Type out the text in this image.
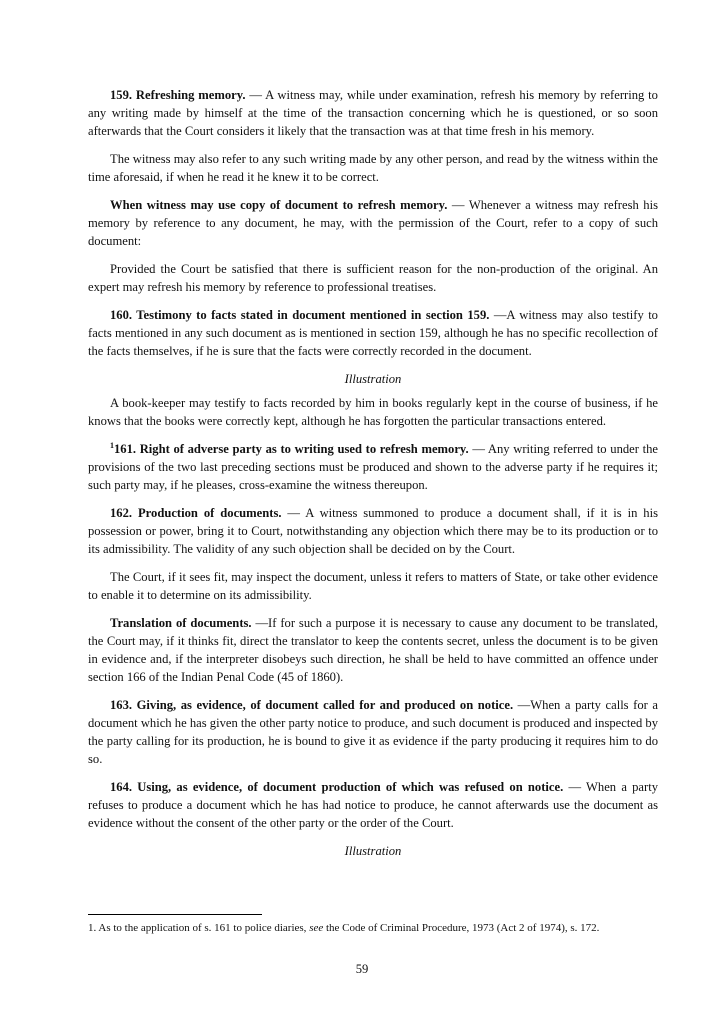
159. Refreshing memory. — A witness may, while under examination, refresh his memory by referring to any writing made by himself at the time of the transaction concerning which he is questioned, or so soon afterwards that the Court considers it likely that the transaction was at that time fresh in his memory.

The witness may also refer to any such writing made by any other person, and read by the witness within the time aforesaid, if when he read it he knew it to be correct.

When witness may use copy of document to refresh memory. — Whenever a witness may refresh his memory by reference to any document, he may, with the permission of the Court, refer to a copy of such document:

Provided the Court be satisfied that there is sufficient reason for the non-production of the original. An expert may refresh his memory by reference to professional treatises.

160. Testimony to facts stated in document mentioned in section 159. —A witness may also testify to facts mentioned in any such document as is mentioned in section 159, although he has no specific recollection of the facts themselves, if he is sure that the facts were correctly recorded in the document.

Illustration

A book-keeper may testify to facts recorded by him in books regularly kept in the course of business, if he knows that the books were correctly kept, although he has forgotten the particular transactions entered.

$^1$161. Right of adverse party as to writing used to refresh memory. — Any writing referred to under the provisions of the two last preceding sections must be produced and shown to the adverse party if he requires it; such party may, if he pleases, cross-examine the witness thereupon.

162. Production of documents. — A witness summoned to produce a document shall, if it is in his possession or power, bring it to Court, notwithstanding any objection which there may be to its production or to its admissibility. The validity of any such objection shall be decided on by the Court.

The Court, if it sees fit, may inspect the document, unless it refers to matters of State, or take other evidence to enable it to determine on its admissibility.

Translation of documents. —If for such a purpose it is necessary to cause any document to be translated, the Court may, if it thinks fit, direct the translator to keep the contents secret, unless the document is to be given in evidence and, if the interpreter disobeys such direction, he shall be held to have committed an offence under section 166 of the Indian Penal Code (45 of 1860).

163. Giving, as evidence, of document called for and produced on notice. —When a party calls for a document which he has given the other party notice to produce, and such document is produced and inspected by the party calling for its production, he is bound to give it as evidence if the party producing it requires him to do so.

164. Using, as evidence, of document production of which was refused on notice. — When a party refuses to produce a document which he has had notice to produce, he cannot afterwards use the document as evidence without the consent of the other party or the order of the Court.

Illustration

1. As to the application of s. 161 to police diaries, see the Code of Criminal Procedure, 1973 (Act 2 of 1974), s. 172.
59
